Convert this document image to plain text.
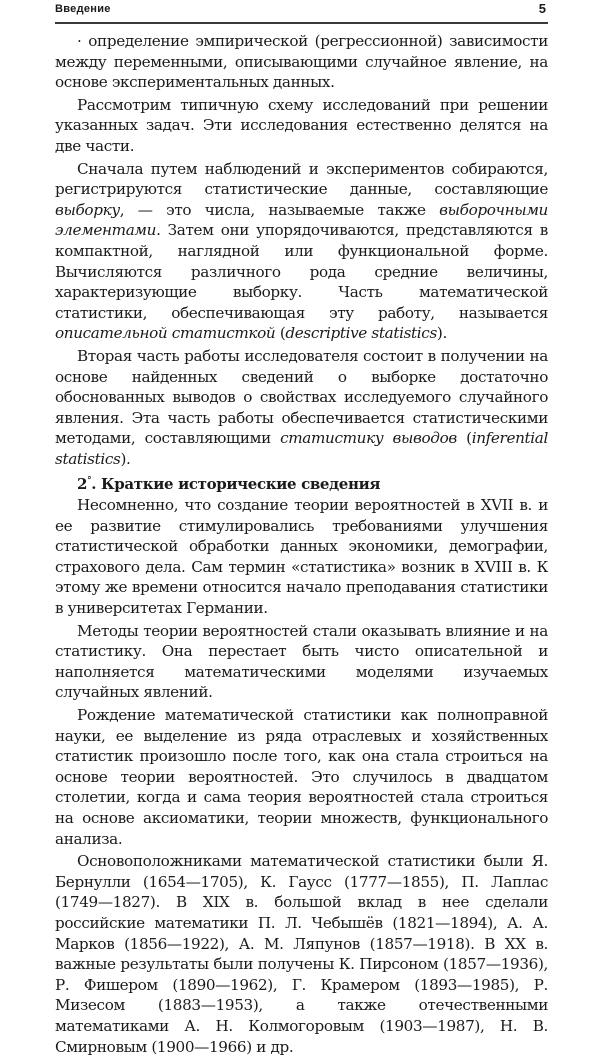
Введение	5

· определение эмпирической (регрессионной) зависимости между переменными, описывающими случайное явление, на основе экспериментальных данных.

Рассмотрим типичную схему исследований при решении указанных задач. Эти исследования естественно делятся на две части.

Сначала путем наблюдений и экспериментов собираются, регистрируются статистические данные, составляющие выборку, — это числа, называемые также выборочными элементами. Затем они упорядочиваются, представляются в компактной, наглядной или функциональной форме. Вычисляются различного рода средние величины, характеризующие выборку. Часть математической статистики, обеспечивающая эту работу, называется описательной статисткой (descriptive statistics).

Вторая часть работы исследователя состоит в получении на основе найденных сведений о выборке достаточно обоснованных выводов о свойствах исследуемого случайного явления. Эта часть работы обеспечивается статистическими методами, составляющими статистику выводов (inferential statistics).

2°. Краткие исторические сведения

Несомненно, что создание теории вероятностей в XVII в. и ее развитие стимулировались требованиями улучшения статистической обработки данных экономики, демографии, страхового дела. Сам термин «статистика» возник в XVIII в. К этому же времени относится начало преподавания статистики в университетах Германии.

Методы теории вероятностей стали оказывать влияние и на статистику. Она перестает быть чисто описательной и наполняется математическими моделями изучаемых случайных явлений.

Рождение математической статистики как полноправной науки, ее выделение из ряда отраслевых и хозяйственных статистик произошло после того, как она стала строиться на основе теории вероятностей. Это случилось в двадцатом столетии, когда и сама теория вероятностей стала строиться на основе аксиоматики, теории множеств, функционального анализа.

Основоположниками математической статистики были Я. Бернулли (1654—1705), К. Гаусс (1777—1855), П. Лаплас (1749—1827). В XIX в. большой вклад в нее сделали российские математики П. Л. Чебышёв (1821—1894), А. А. Марков (1856—1922), А. М. Ляпунов (1857—1918). В XX в. важные результаты были получены К. Пирсоном (1857—1936), Р. Фишером (1890—1962), Г. Крамером (1893—1985), Р. Мизесом (1883—1953), а также отечественными математиками А. Н. Колмогоровым (1903—1987), Н. В. Смирновым (1900—1966) и др.
